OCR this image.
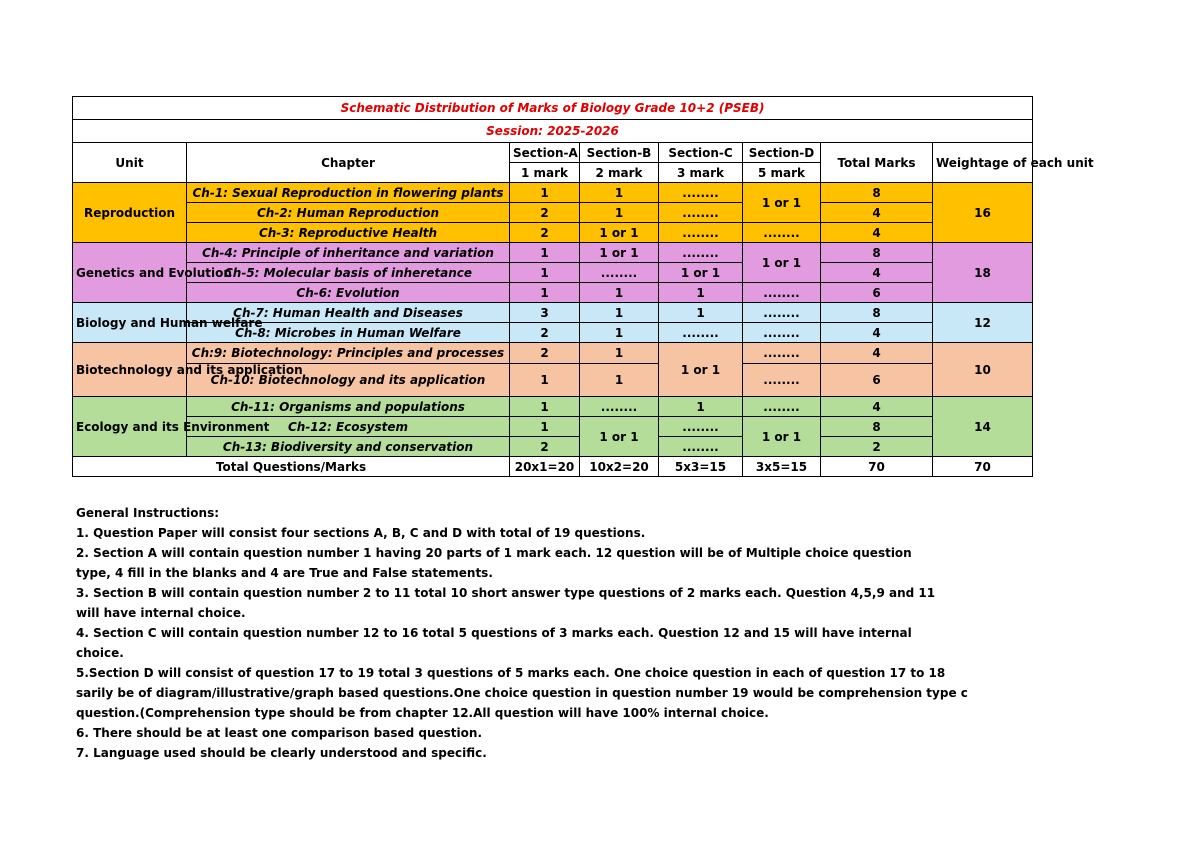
Schematic Distribution of Marks of Biology Grade 10+2 (PSEB)							
Session: 2025-2026							
Unit	Chapter	Section-A	Section-B	Section-C	Section-D	Total Marks	Weightage of each unit
		1 mark	2 mark	3 mark	5 mark		
Reproduction	Ch-1: Sexual Reproduction in flowering plants	1	1	........	1 or 1	8	16
	Ch-2: Human Reproduction	2	1	........		4	
	Ch-3: Reproductive Health	2	1 or 1	........	........	4	
Genetics and Evolution	Ch-4: Principle of inheritance and variation	1	1 or 1	........	1 or 1	8	18
	Ch-5: Molecular basis of inheretance	1	........	1 or 1		4	
	Ch-6: Evolution	1	1	1	........	6	
Biology and Human welfare	Ch-7: Human Health and Diseases	3	1	1	........	8	12
	Ch-8: Microbes in Human Welfare	2	1	........	........	4	
Biotechnology and its application	Ch:9: Biotechnology: Principles and processes	2	1	1 or 1	........	4	10
	Ch-10: Biotechnology and its application	1	1		........	6	
Ecology and its Environment	Ch-11: Organisms and populations	1	........	1	........	4	14
	Ch-12: Ecosystem	1	1 or 1	........	1 or 1	8	
	Ch-13: Biodiversity and conservation	2		........		2	
Total Questions/Marks		20x1=20	10x2=20	5x3=15	3x5=15	70	70
General Instructions:
1. Question Paper will consist four sections A, B, C and D with total of 19 questions.
2. Section A will contain question number 1 having 20 parts of 1 mark each. 12 question will be of Multiple choice question
type, 4 fill in the blanks and 4 are True and False statements.
3. Section B will contain question number 2 to 11 total 10 short answer type questions of 2 marks each. Question 4,5,9 and 11
will have internal choice.
4. Section C will contain question number 12 to 16 total 5 questions of 3 marks each. Question 12 and 15 will have internal
choice.
5.Section D will consist of question 17 to 19 total 3 questions of 5 marks each. One choice question in each of question 17 to 18
sarily be of diagram/illustrative/graph based questions.One choice question in question number 19 would be comprehension type c
question.(Comprehension type should be from chapter 12.All question will have 100% internal choice.
6. There should be at least one comparison based question.
7. Language used should be clearly understood and specific.
